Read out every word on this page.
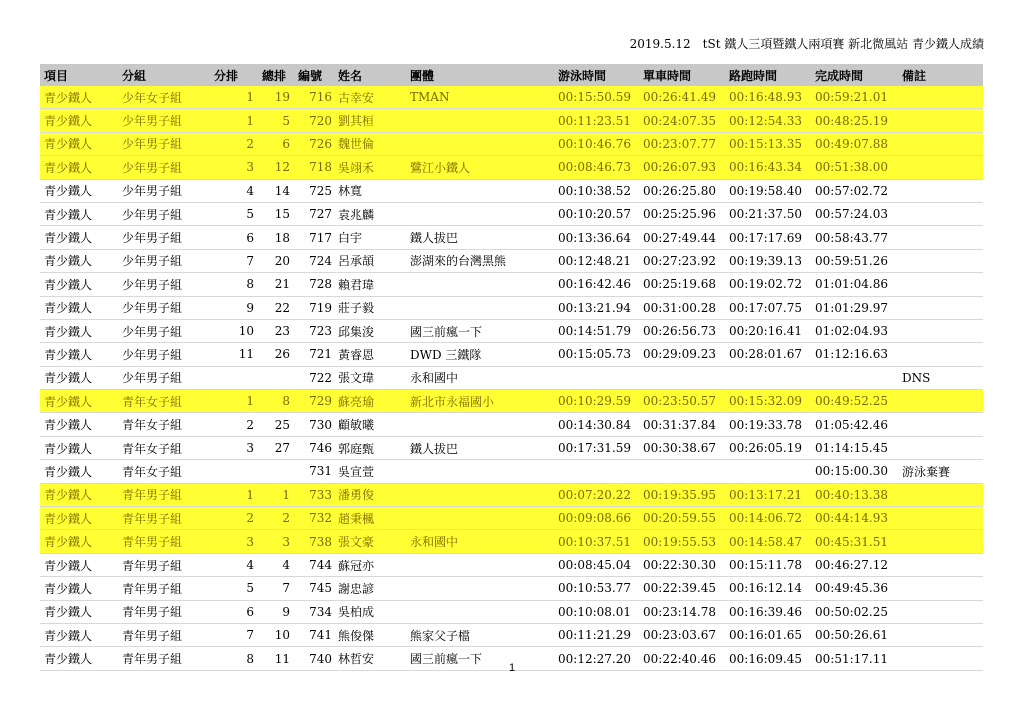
2019.5.12　tSt 鐵人三項暨鐵人兩項賽 新北微風站 青少鐵人成績
項目	分組	分排	總排	編號	姓名	團體	游泳時間	單車時間	路跑時間	完成時間	備註
青少鐵人	少年女子組	1	19	716	古幸安	TMAN	00:15:50.59	00:26:41.49	00:16:48.93	00:59:21.01	
青少鐵人	少年男子組	1	5	720	劉其桓		00:11:23.51	00:24:07.35	00:12:54.33	00:48:25.19	
青少鐵人	少年男子組	2	6	726	魏世倫		00:10:46.76	00:23:07.77	00:15:13.35	00:49:07.88	
青少鐵人	少年男子組	3	12	718	吳翊禾	鷺江小鐵人	00:08:46.73	00:26:07.93	00:16:43.34	00:51:38.00	
青少鐵人	少年男子組	4	14	725	林寬		00:10:38.52	00:26:25.80	00:19:58.40	00:57:02.72	
青少鐵人	少年男子組	5	15	727	袁兆麟		00:10:20.57	00:25:25.96	00:21:37.50	00:57:24.03	
青少鐵人	少年男子組	6	18	717	白宇	鐵人拔巴	00:13:36.64	00:27:49.44	00:17:17.69	00:58:43.77	
青少鐵人	少年男子組	7	20	724	呂承頡	澎湖來的台灣黑熊	00:12:48.21	00:27:23.92	00:19:39.13	00:59:51.26	
青少鐵人	少年男子組	8	21	728	賴君瑋		00:16:42.46	00:25:19.68	00:19:02.72	01:01:04.86	
青少鐵人	少年男子組	9	22	719	莊子毅		00:13:21.94	00:31:00.28	00:17:07.75	01:01:29.97	
青少鐵人	少年男子組	10	23	723	邱集浚	國三前瘋一下	00:14:51.79	00:26:56.73	00:20:16.41	01:02:04.93	
青少鐵人	少年男子組	11	26	721	黃睿恩	DWD 三鐵隊	00:15:05.73	00:29:09.23	00:28:01.67	01:12:16.63	
青少鐵人	少年男子組			722	張文瑋	永和國中					DNS
青少鐵人	青年女子組	1	8	729	蘇亮瑜	新北市永福國小	00:10:29.59	00:23:50.57	00:15:32.09	00:49:52.25	
青少鐵人	青年女子組	2	25	730	顧敏曦		00:14:30.84	00:31:37.84	00:19:33.78	01:05:42.46	
青少鐵人	青年女子組	3	27	746	郭庭甄	鐵人拔巴	00:17:31.59	00:30:38.67	00:26:05.19	01:14:15.45	
青少鐵人	青年女子組			731	吳宣萱					00:15:00.30	游泳棄賽
青少鐵人	青年男子組	1	1	733	潘勇俊		00:07:20.22	00:19:35.95	00:13:17.21	00:40:13.38	
青少鐵人	青年男子組	2	2	732	趙秉楓		00:09:08.66	00:20:59.55	00:14:06.72	00:44:14.93	
青少鐵人	青年男子組	3	3	738	張文豪	永和國中	00:10:37.51	00:19:55.53	00:14:58.47	00:45:31.51	
青少鐵人	青年男子組	4	4	744	蘇冠亦		00:08:45.04	00:22:30.30	00:15:11.78	00:46:27.12	
青少鐵人	青年男子組	5	7	745	謝忠諺		00:10:53.77	00:22:39.45	00:16:12.14	00:49:45.36	
青少鐵人	青年男子組	6	9	734	吳柏成		00:10:08.01	00:23:14.78	00:16:39.46	00:50:02.25	
青少鐵人	青年男子組	7	10	741	熊俊傑	熊家父子檔	00:11:21.29	00:23:03.67	00:16:01.65	00:50:26.61	
青少鐵人	青年男子組	8	11	740	林哲安	國三前瘋一下	00:12:27.20	00:22:40.46	00:16:09.45	00:51:17.11	
1
